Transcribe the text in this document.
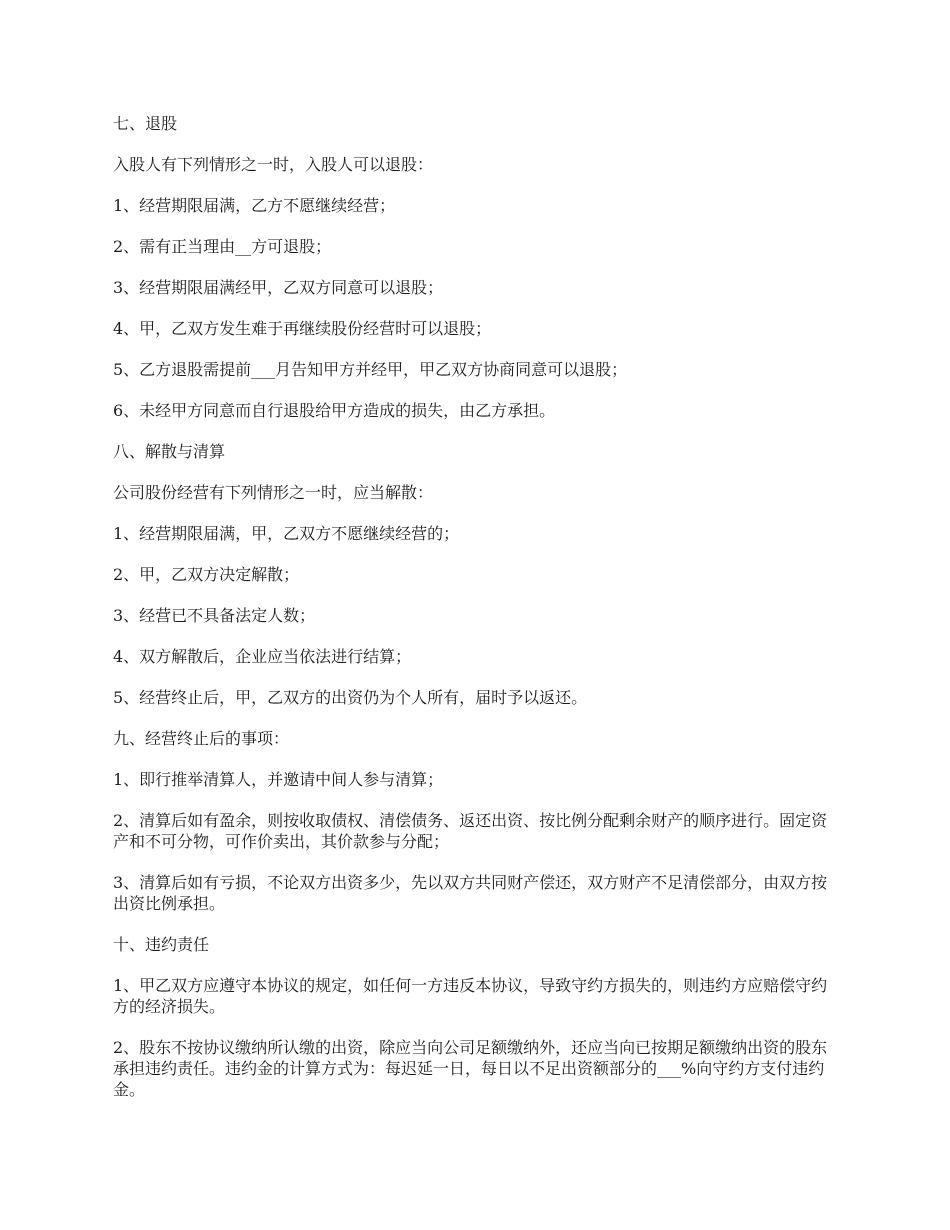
七、退股

入股人有下列情形之一时，入股人可以退股：

1、经营期限届满，乙方不愿继续经营；

2、需有正当理由__方可退股；

3、经营期限届满经甲，乙双方同意可以退股；

4、甲，乙双方发生难于再继续股份经营时可以退股；

5、乙方退股需提前___月告知甲方并经甲，甲乙双方协商同意可以退股；

6、未经甲方同意而自行退股给甲方造成的损失，由乙方承担。

八、解散与清算

公司股份经营有下列情形之一时，应当解散：

1、经营期限届满，甲，乙双方不愿继续经营的；

2、甲，乙双方决定解散；

3、经营已不具备法定人数；

4、双方解散后，企业应当依法进行结算；

5、经营终止后，甲，乙双方的出资仍为个人所有，届时予以返还。

九、经营终止后的事项：

1、即行推举清算人，并邀请中间人参与清算；

2、清算后如有盈余，则按收取债权、清偿债务、返还出资、按比例分配剩余财产的顺序进行。固定资产和不可分物，可作价卖出，其价款参与分配；

3、清算后如有亏损，不论双方出资多少，先以双方共同财产偿还，双方财产不足清偿部分，由双方按出资比例承担。

十、违约责任

1、甲乙双方应遵守本协议的规定，如任何一方违反本协议，导致守约方损失的，则违约方应赔偿守约方的经济损失。

2、股东不按协议缴纳所认缴的出资，除应当向公司足额缴纳外，还应当向已按期足额缴纳出资的股东承担违约责任。违约金的计算方式为：每迟延一日，每日以不足出资额部分的___%向守约方支付违约金。
